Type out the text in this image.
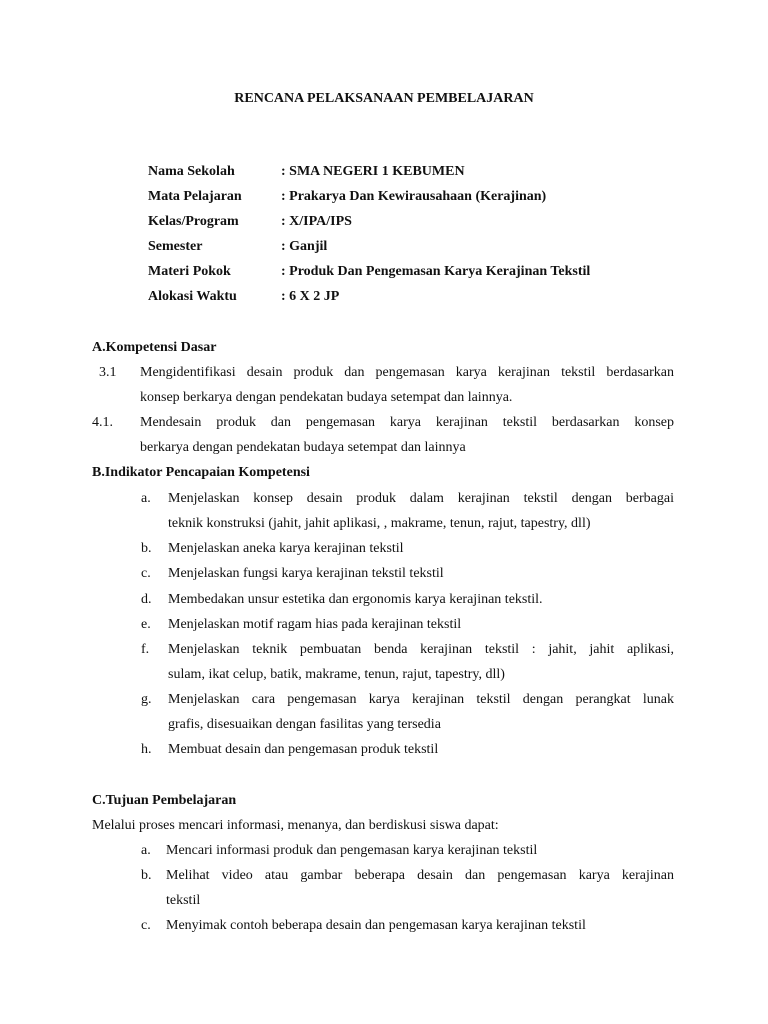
RENCANA PELAKSANAAN PEMBELAJARAN
Nama Sekolah	: SMA NEGERI 1 KEBUMEN
Mata Pelajaran	: Prakarya Dan Kewirausahaan (Kerajinan)
Kelas/Program	: X/IPA/IPS
Semester	: Ganjil
Materi Pokok	: Produk Dan Pengemasan Karya Kerajinan Tekstil
Alokasi Waktu	: 6 X 2 JP
A.Kompetensi Dasar
3.1 Mengidentifikasi desain produk dan pengemasan karya kerajinan tekstil berdasarkan
konsep berkarya dengan pendekatan budaya setempat dan lainnya.
4.1. Mendesain produk dan pengemasan karya kerajinan tekstil berdasarkan konsep
berkarya dengan pendekatan budaya setempat dan lainnya
B.Indikator Pencapaian Kompetensi
a. Menjelaskan konsep desain produk dalam kerajinan tekstil dengan berbagai
teknik konstruksi (jahit, jahit aplikasi, , makrame, tenun, rajut, tapestry, dll)
b. Menjelaskan aneka karya kerajinan tekstil
c. Menjelaskan fungsi karya kerajinan tekstil tekstil
d. Membedakan unsur estetika dan ergonomis karya kerajinan tekstil.
e. Menjelaskan motif ragam hias pada kerajinan tekstil
f. Menjelaskan teknik pembuatan benda kerajinan tekstil : jahit, jahit aplikasi,
sulam, ikat celup, batik, makrame, tenun, rajut, tapestry, dll)
g. Menjelaskan cara pengemasan karya kerajinan tekstil dengan perangkat lunak
grafis, disesuaikan dengan fasilitas yang tersedia
h. Membuat desain dan pengemasan produk tekstil
C.Tujuan Pembelajaran
Melalui proses mencari informasi, menanya, dan berdiskusi siswa dapat:
a. Mencari informasi produk dan pengemasan karya kerajinan tekstil
b. Melihat video atau gambar beberapa desain dan pengemasan karya kerajinan
tekstil
c. Menyimak contoh beberapa desain dan pengemasan karya kerajinan tekstil
